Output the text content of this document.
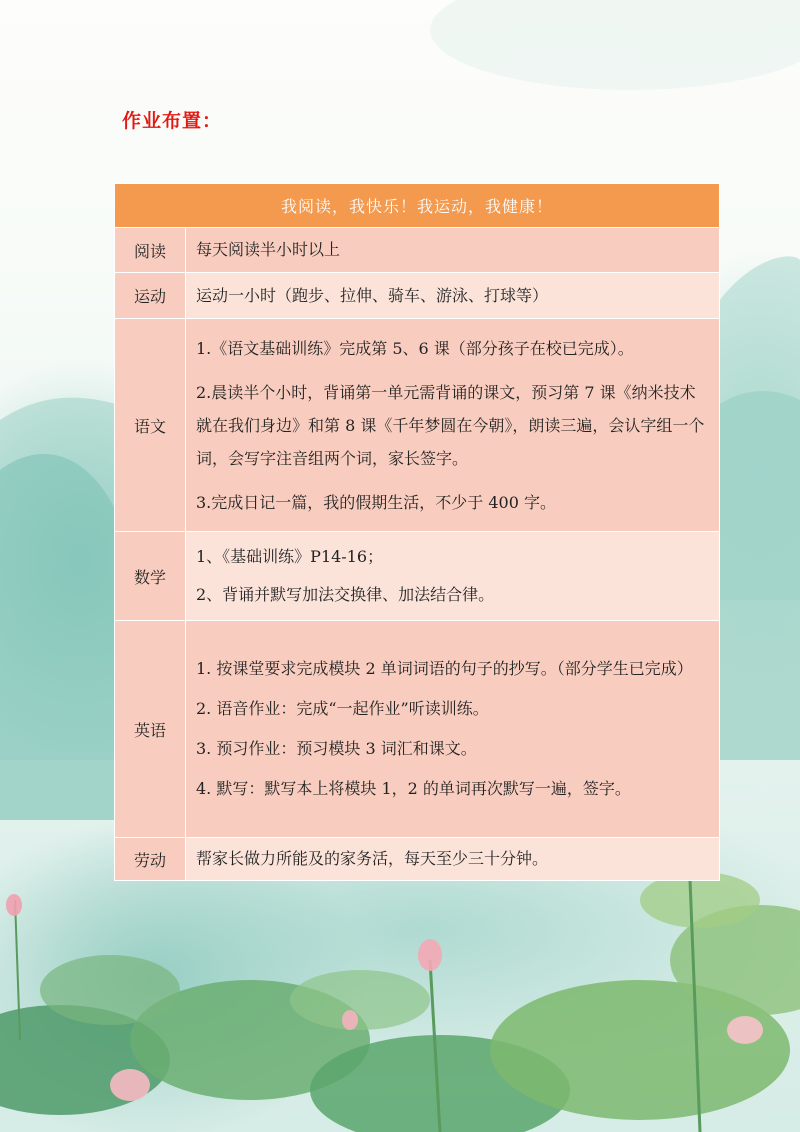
作业布置：
我阅读，我快乐！我运动，我健康！	
阅读	每天阅读半小时以上

运动	运动一小时（跑步、拉伸、骑车、游泳、打球等）

语文	1.《语文基础训练》完成第 5、6 课（部分孩子在校已完成）。
2.晨读半个小时，背诵第一单元需背诵的课文，预习第 7 课《纳米技术就在我们身边》和第 8 课《千年梦圆在今朝》，朗读三遍，会认字组一个词，会写字注音组两个词，家长签字。
3.完成日记一篇，我的假期生活，不少于 400 字。

数学	1、《基础训练》P14-16；
2、背诵并默写加法交换律、加法结合律。

英语	1. 按课堂要求完成模块 2 单词词语的句子的抄写。（部分学生已完成）
2. 语音作业：完成“一起作业”听读训练。
3. 预习作业：预习模块 3 词汇和课文。
4. 默写：默写本上将模块 1，2 的单词再次默写一遍，签字。

劳动	帮家长做力所能及的家务活，每天至少三十分钟。
